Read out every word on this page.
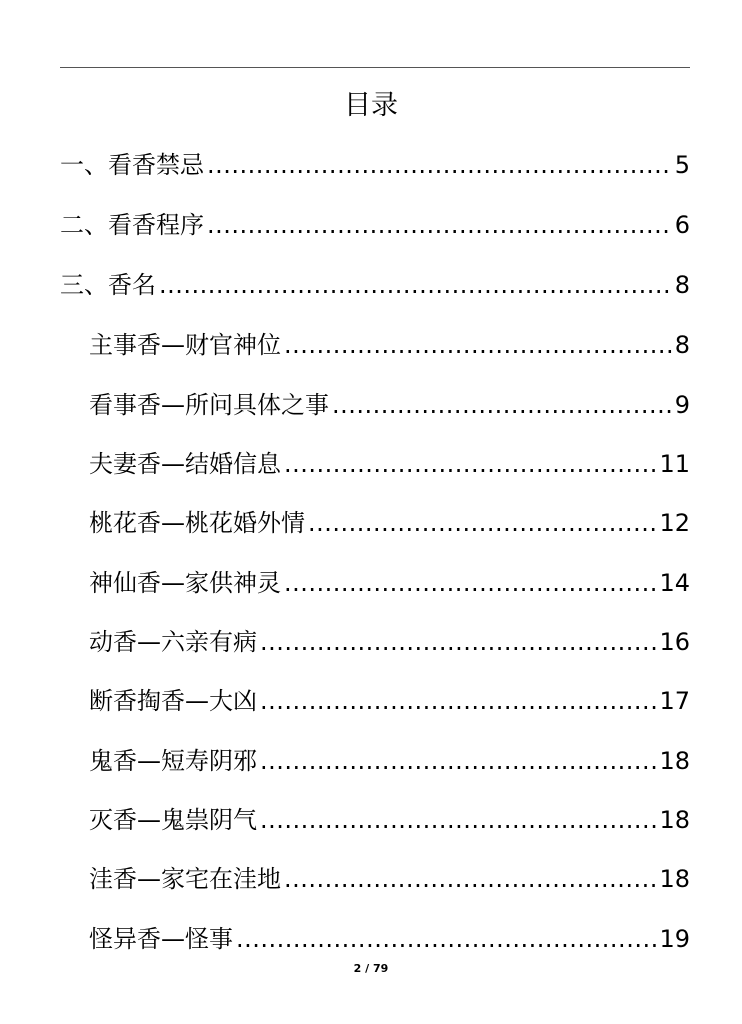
目录
一、看香禁忌 .....	5
二、看香程序 .....	6
三、香名 .....	8
主事香—财官神位 .....	8
看事香—所问具体之事 .....	9
夫妻香—结婚信息 .....	11
桃花香—桃花婚外情 .....	12
神仙香—家供神灵 .....	14
动香—六亲有病 .....	16
断香掏香—大凶 .....	17
鬼香—短寿阴邪 .....	18
灭香—鬼祟阴气 .....	18
洼香—家宅在洼地 .....	18
怪异香—怪事 .....	19
2 / 79
